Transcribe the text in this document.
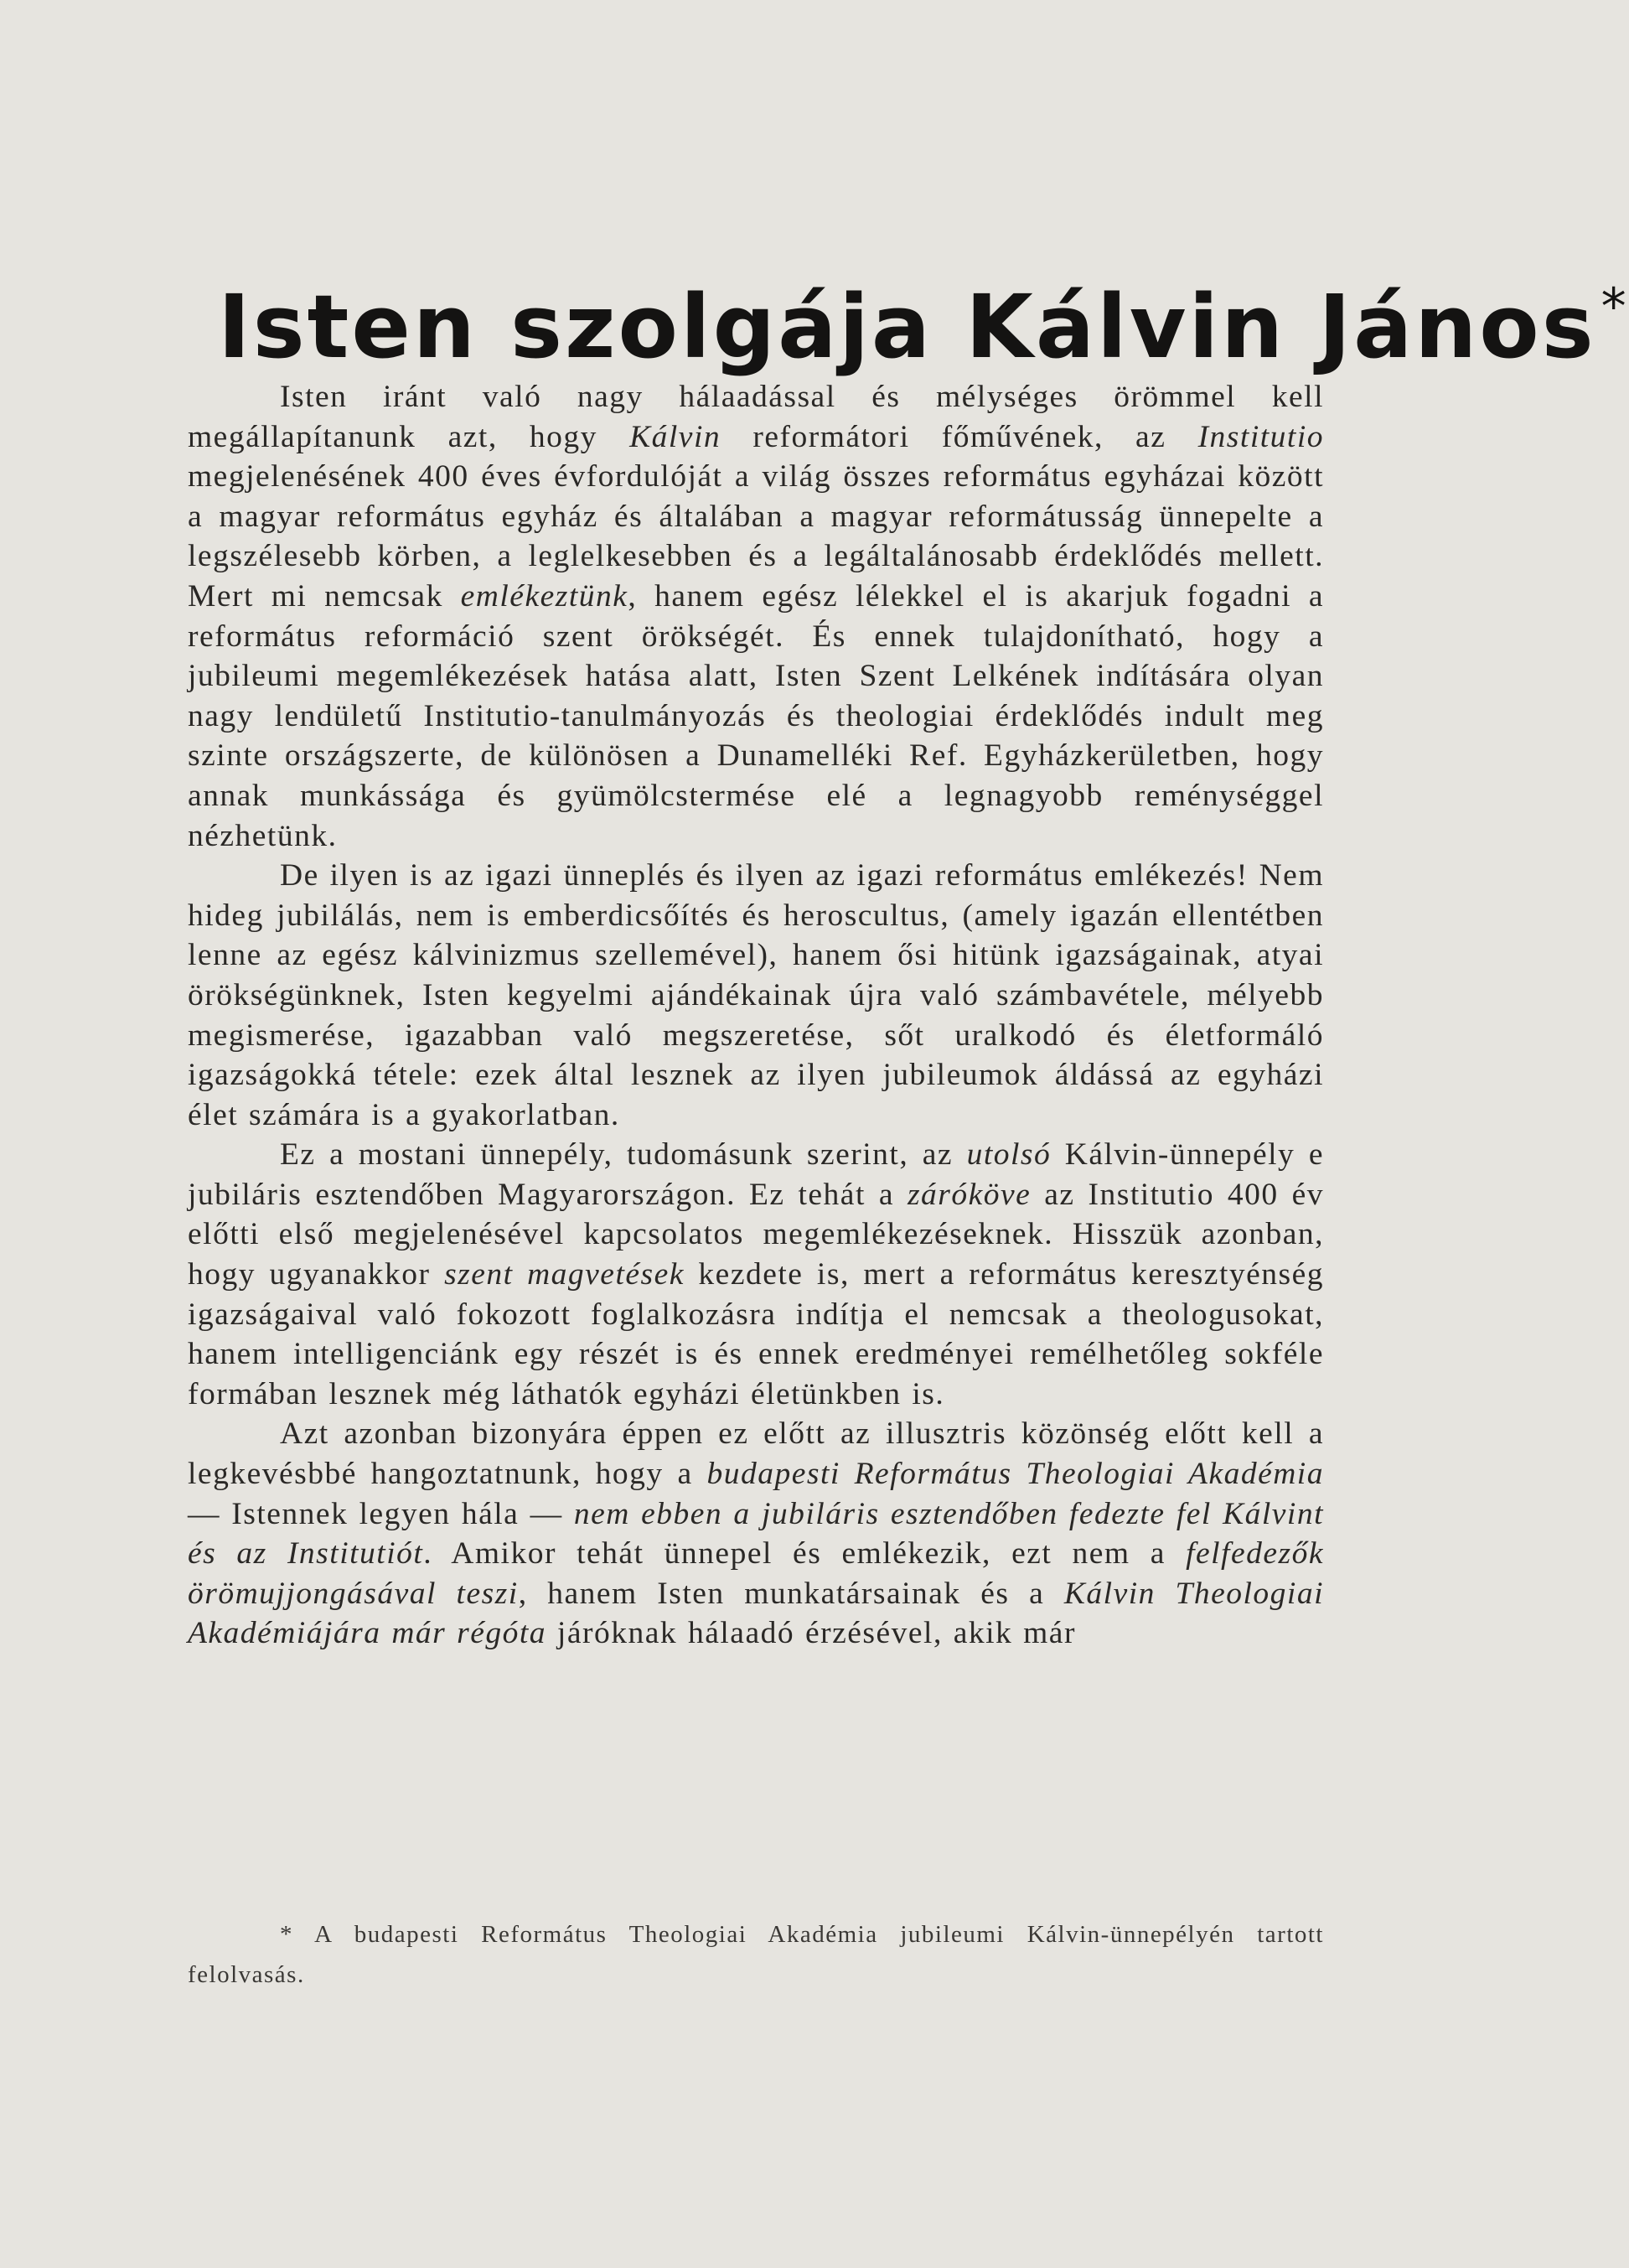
Isten szolgája Kálvin János *

Isten iránt való nagy hálaadással és mélységes örömmel kell megállapítanunk azt, hogy Kálvin reformátori főművének, az Institutio megjelenésének 400 éves évfordulóját a világ összes református egyházai között a magyar református egyház és általában a magyar reformátusság ünnepelte a legszélesebb körben, a leglelkesebben és a legáltalánosabb érdeklődés mellett. Mert mi nemcsak emlékeztünk, hanem egész lélekkel el is akarjuk fogadni a református reformáció szent örökségét. És ennek tulajdonítható, hogy a jubileumi megemlékezések hatása alatt, Isten Szent Lelkének indítására olyan nagy lendületű Institutio-tanulmányozás és theologiai érdeklődés indult meg szinte országszerte, de különösen a Dunamelléki Ref. Egyházkerületben, hogy annak munkássága és gyümölcstermése elé a legnagyobb reménységgel nézhetünk.

De ilyen is az igazi ünneplés és ilyen az igazi református emlékezés! Nem hideg jubilálás, nem is emberdicsőítés és heroscultus, (amely igazán ellentétben lenne az egész kálvinizmus szellemével), hanem ősi hitünk igazságainak, atyai örökségünknek, Isten kegyelmi ajándékainak újra való számbavétele, mélyebb megismerése, igazabban való megszeretése, sőt uralkodó és életformáló igazságokká tétele: ezek által lesznek az ilyen jubileumok áldássá az egyházi élet számára is a gyakorlatban.

Ez a mostani ünnepély, tudomásunk szerint, az utolsó Kálvin-ünnepély e jubiláris esztendőben Magyarországon. Ez tehát a záróköve az Institutio 400 év előtti első megjelenésével kapcsolatos megemlékezéseknek. Hisszük azonban, hogy ugyanakkor szent magvetések kezdete is, mert a református keresztyénség igazságaival való fokozott foglalkozásra indítja el nemcsak a theologusokat, hanem intelligenciánk egy részét is és ennek eredményei remélhetőleg sokféle formában lesznek még láthatók egyházi életünkben is.

Azt azonban bizonyára éppen ez előtt az illusztris közönség előtt kell a legkevésbbé hangoztatnunk, hogy a budapesti Református Theologiai Akadémia — Istennek legyen hála — nem ebben a jubiláris esztendőben fedezte fel Kálvint és az Institutiót. Amikor tehát ünnepel és emlékezik, ezt nem a felfedezők örömujjongásával teszi, hanem Isten munkatársainak és a Kálvin Theologiai Akadémiájára már régóta járóknak hálaadó érzésével, akik már

* A budapesti Református Theologiai Akadémia jubileumi Kálvin-ünnepélyén tartott felolvasás.
